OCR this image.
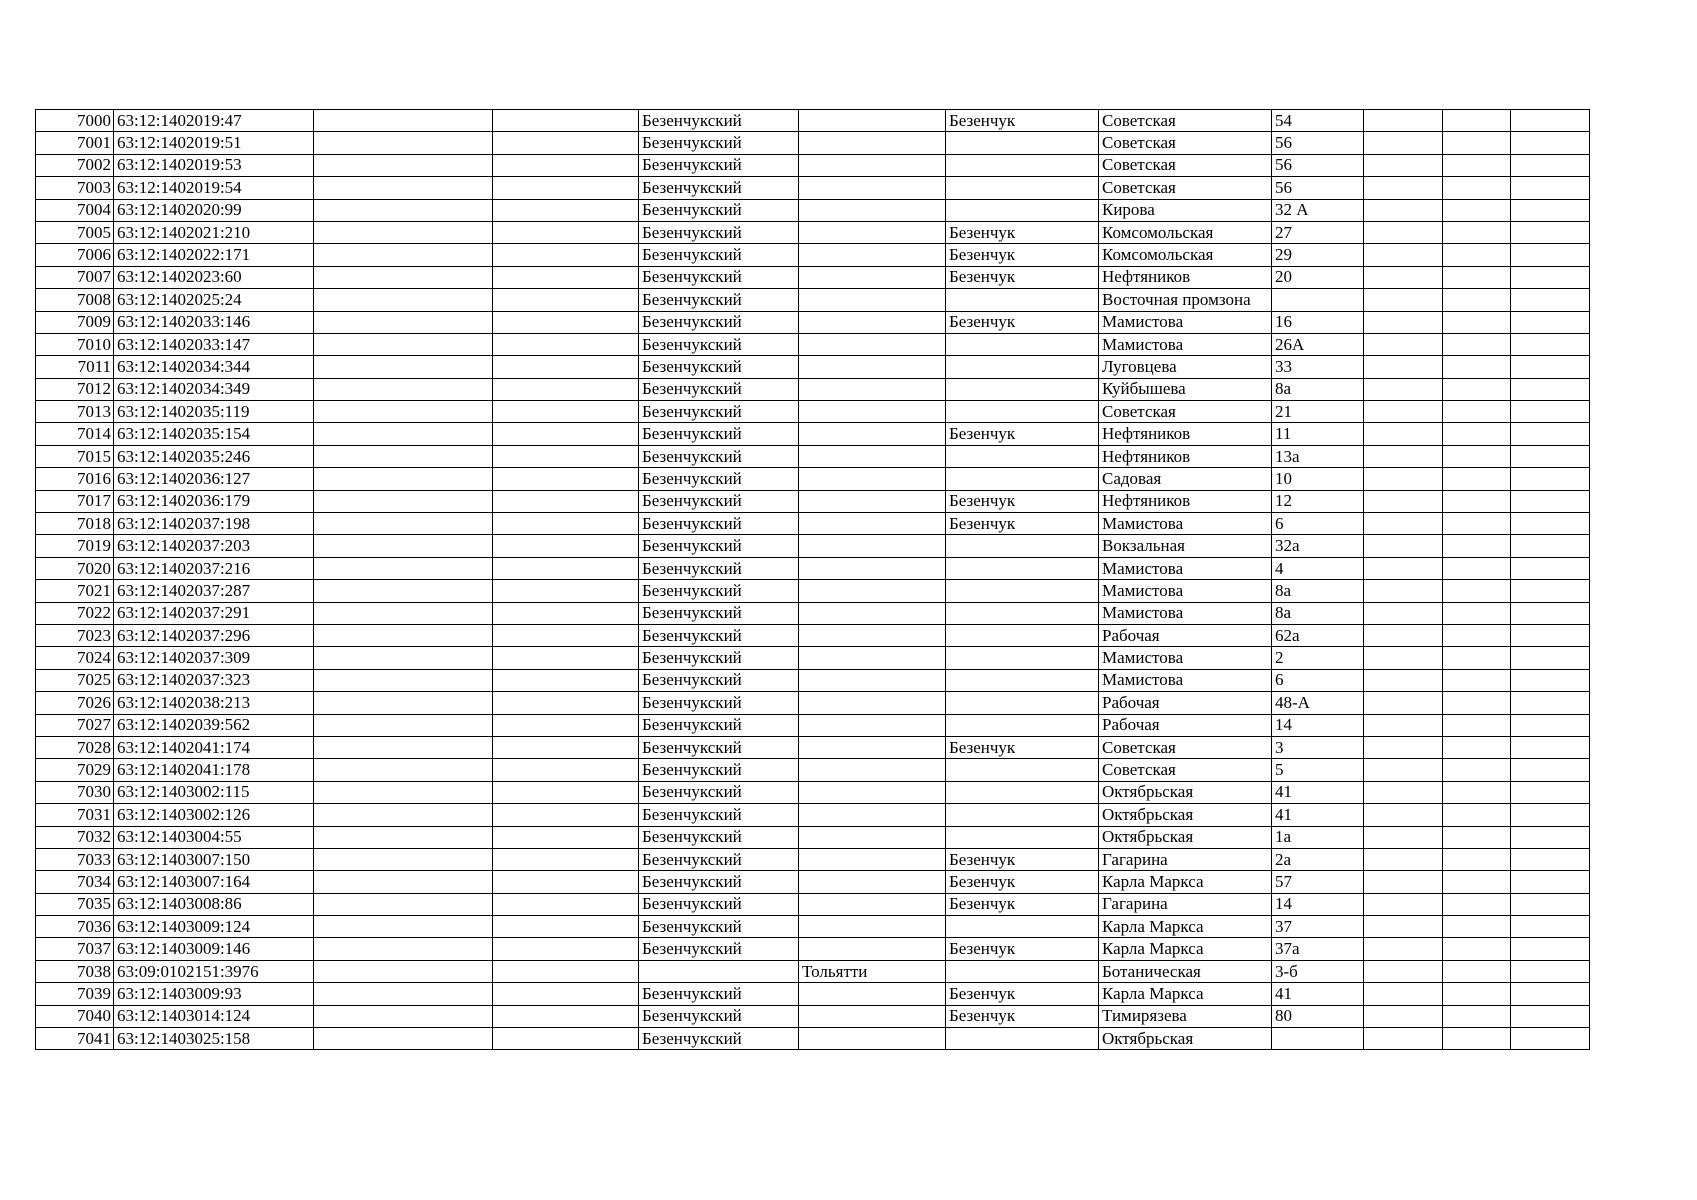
7000	63:12:1402019:47			Безенчукский		Безенчук	Советская	54			
7001	63:12:1402019:51			Безенчукский			Советская	56			
7002	63:12:1402019:53			Безенчукский			Советская	56			
7003	63:12:1402019:54			Безенчукский			Советская	56			
7004	63:12:1402020:99			Безенчукский			Кирова	32 А			
7005	63:12:1402021:210			Безенчукский		Безенчук	Комсомольская	27			
7006	63:12:1402022:171			Безенчукский		Безенчук	Комсомольская	29			
7007	63:12:1402023:60			Безенчукский		Безенчук	Нефтяников	20			
7008	63:12:1402025:24			Безенчукский			Восточная промзона				
7009	63:12:1402033:146			Безенчукский		Безенчук	Мамистова	16			
7010	63:12:1402033:147			Безенчукский			Мамистова	26А			
7011	63:12:1402034:344			Безенчукский			Луговцева	33			
7012	63:12:1402034:349			Безенчукский			Куйбышева	8а			
7013	63:12:1402035:119			Безенчукский			Советская	21			
7014	63:12:1402035:154			Безенчукский		Безенчук	Нефтяников	11			
7015	63:12:1402035:246			Безенчукский			Нефтяников	13а			
7016	63:12:1402036:127			Безенчукский			Садовая	10			
7017	63:12:1402036:179			Безенчукский		Безенчук	Нефтяников	12			
7018	63:12:1402037:198			Безенчукский		Безенчук	Мамистова	6			
7019	63:12:1402037:203			Безенчукский			Вокзальная	32а			
7020	63:12:1402037:216			Безенчукский			Мамистова	4			
7021	63:12:1402037:287			Безенчукский			Мамистова	8а			
7022	63:12:1402037:291			Безенчукский			Мамистова	8а			
7023	63:12:1402037:296			Безенчукский			Рабочая	62а			
7024	63:12:1402037:309			Безенчукский			Мамистова	2			
7025	63:12:1402037:323			Безенчукский			Мамистова	6			
7026	63:12:1402038:213			Безенчукский			Рабочая	48-А			
7027	63:12:1402039:562			Безенчукский			Рабочая	14			
7028	63:12:1402041:174			Безенчукский		Безенчук	Советская	3			
7029	63:12:1402041:178			Безенчукский			Советская	5			
7030	63:12:1403002:115			Безенчукский			Октябрьская	41			
7031	63:12:1403002:126			Безенчукский			Октябрьская	41			
7032	63:12:1403004:55			Безенчукский			Октябрьская	1а			
7033	63:12:1403007:150			Безенчукский		Безенчук	Гагарина	2а			
7034	63:12:1403007:164			Безенчукский		Безенчук	Карла Маркса	57			
7035	63:12:1403008:86			Безенчукский		Безенчук	Гагарина	14			
7036	63:12:1403009:124			Безенчукский			Карла Маркса	37			
7037	63:12:1403009:146			Безенчукский		Безенчук	Карла Маркса	37а			
7038	63:09:0102151:3976				Тольятти		Ботаническая	3-б			
7039	63:12:1403009:93			Безенчукский		Безенчук	Карла Маркса	41			
7040	63:12:1403014:124			Безенчукский		Безенчук	Тимирязева	80			
7041	63:12:1403025:158			Безенчукский			Октябрьская				
